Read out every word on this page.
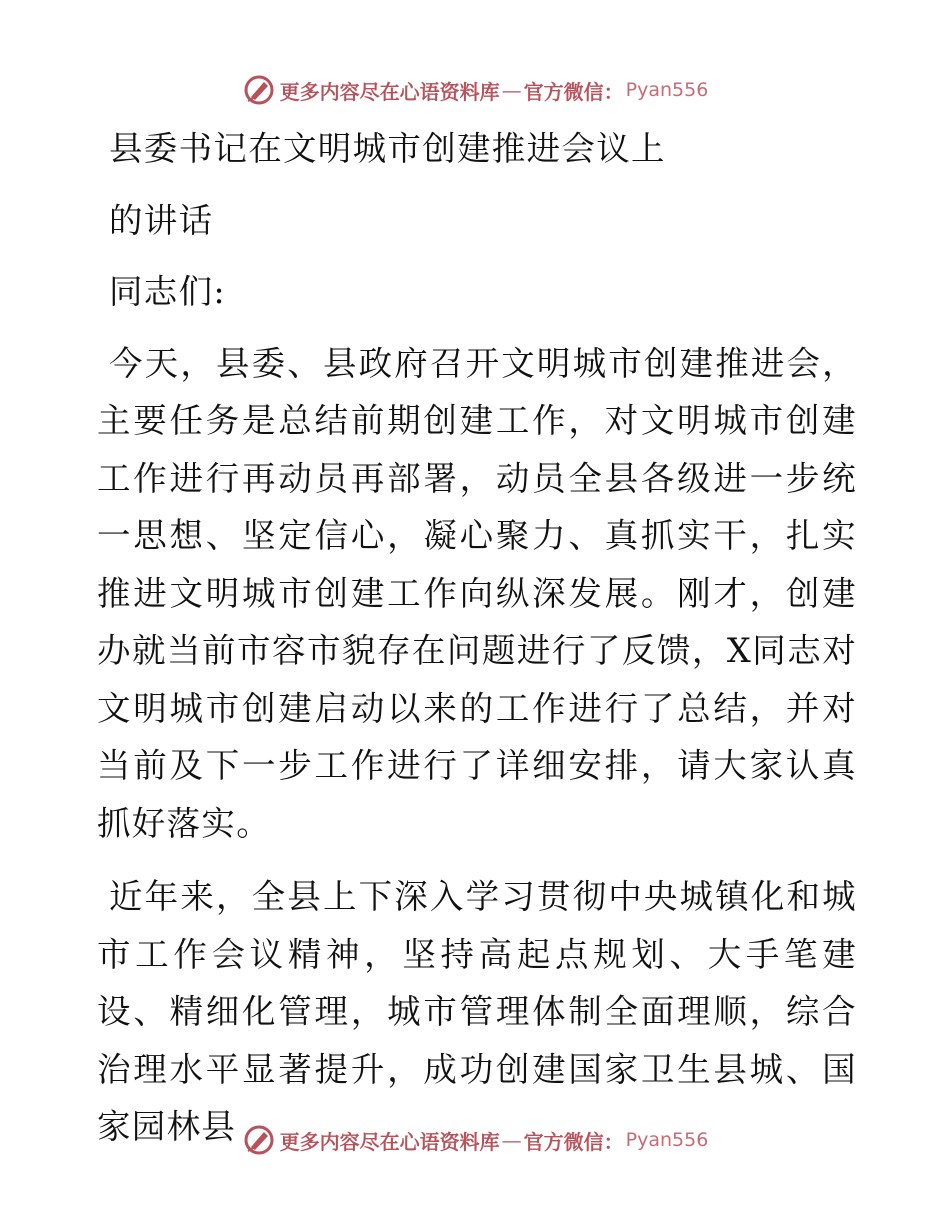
更多内容尽在心语资料库 — 官方微信： Pyan556

县委书记在文明城市创建推进会议上

的讲话

同志们:

今天，县委、县政府召开文明城市创建推进会，主要任务是总结前期创建工作，对文明城市创建工作进行再动员再部署，动员全县各级进一步统一思想、坚定信心，凝心聚力、真抓实干，扎实推进文明城市创建工作向纵深发展。刚才，创建办就当前市容市貌存在问题进行了反馈，X同志对文明城市创建启动以来的工作进行了总结，并对当前及下一步工作进行了详细安排，请大家认真抓好落实。

近年来，全县上下深入学习贯彻中央城镇化和城市工作会议精神，坚持高起点规划、大手笔建设、精细化管理，城市管理体制全面理顺，综合治理水平显著提升，成功创建国家卫生县城、国家园林县	更多内容尽在心语资料库 — 官方微信： Pyan556
